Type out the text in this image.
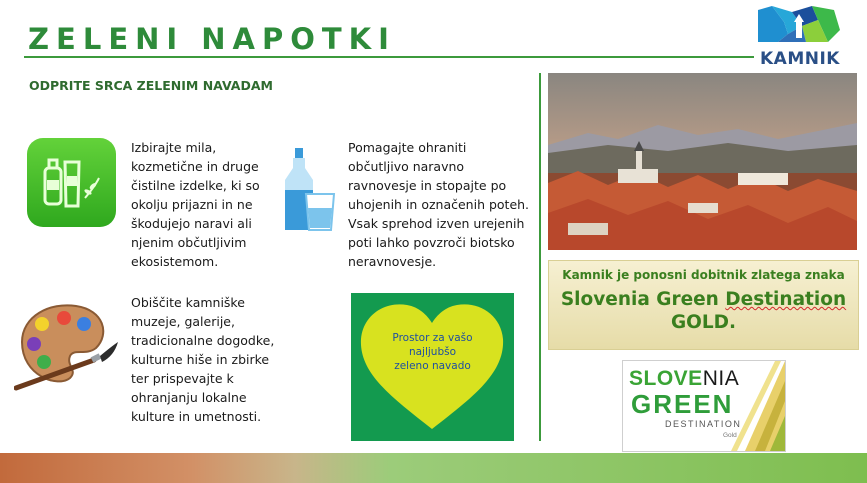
ZELENI NAPOTKI
ODPRITE SRCA ZELENIM NAVADAM
KAMNIK
Izbirajte mila,
kozmetične in druge
čistilne izdelke, ki so
okolju prijazni in ne
škodujejo naravi ali
njenim občutljivim
ekosistemom.
Pomagajte ohraniti
občutljivo naravno
ravnovesje in stopajte po
uhojenih in označenih poteh.
Vsak sprehod izven urejenih
poti lahko povzroči biotsko
neravnovesje.
Obiščite kamniške
muzeje, galerije,
tradicionalne dogodke,
kulturne hiše in zbirke
ter prispevajte k
ohranjanju lokalne
kulture in umetnosti.
Prostor za vašo
najljubšo
zeleno navado
Kamnik je ponosni dobitnik zlatega znaka
Slovenia Green Destination
GOLD.
SLOVENIA
GREEN
DESTINATION
Gold
